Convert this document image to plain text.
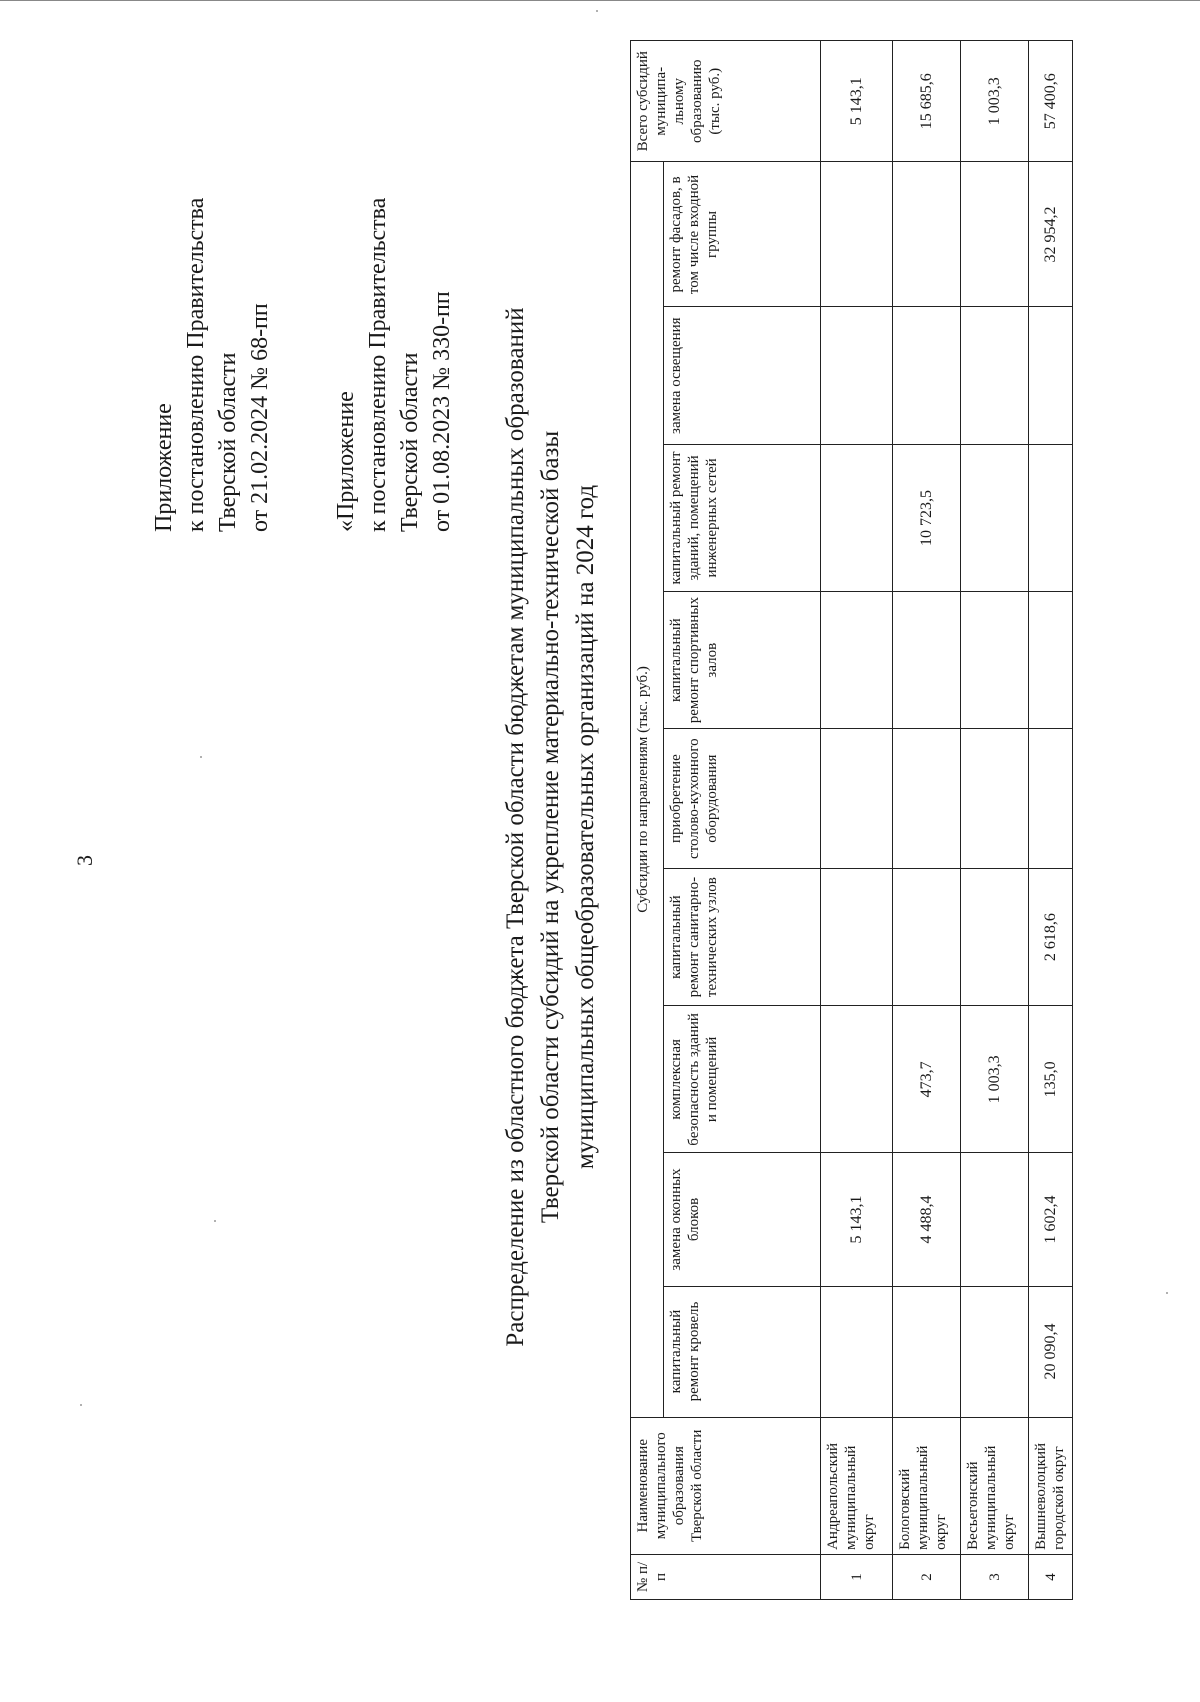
3
Приложение к постановлению Правительства Тверской области от 21.02.2024 № 68-пп	«Приложение к постановлению Правительства Тверской области от 01.08.2023 № 330-пп Распределение из областного бюджета Тверской области бюджетам муниципальных образований Тверской области субсидий на укрепление материально-технической базы муниципальных общеобразовательных организаций на 2024 год
№ п/п	Наименование муниципального образования Тверской области	Субсидии по направлениям (тыс. руб.)									Всего субсидий муниципа-льному образованию (тыс. руб.)
		капитальный ремонт кровель	замена оконных блоков	комплексная безопасность зданий и помещений	капитальный ремонт санитарно-технических узлов	приобретение столово-кухонного оборудования	капитальный ремонт спортивных залов	капитальный ремонт зданий, помещений инженерных сетей	замена освещения	ремонт фасадов, в том числе входной группы	
1	Андреапольский муниципальный округ		5 143,1								5 143,1
2	Бологовский муниципальный округ		4 488,4	473,7				10 723,5			15 685,6
3	Весьегонский муниципальный округ			1 003,3							1 003,3
4	Вышневолоцкий городской округ	20 090,4	1 602,4	135,0	2 618,6					32 954,2	57 400,6
